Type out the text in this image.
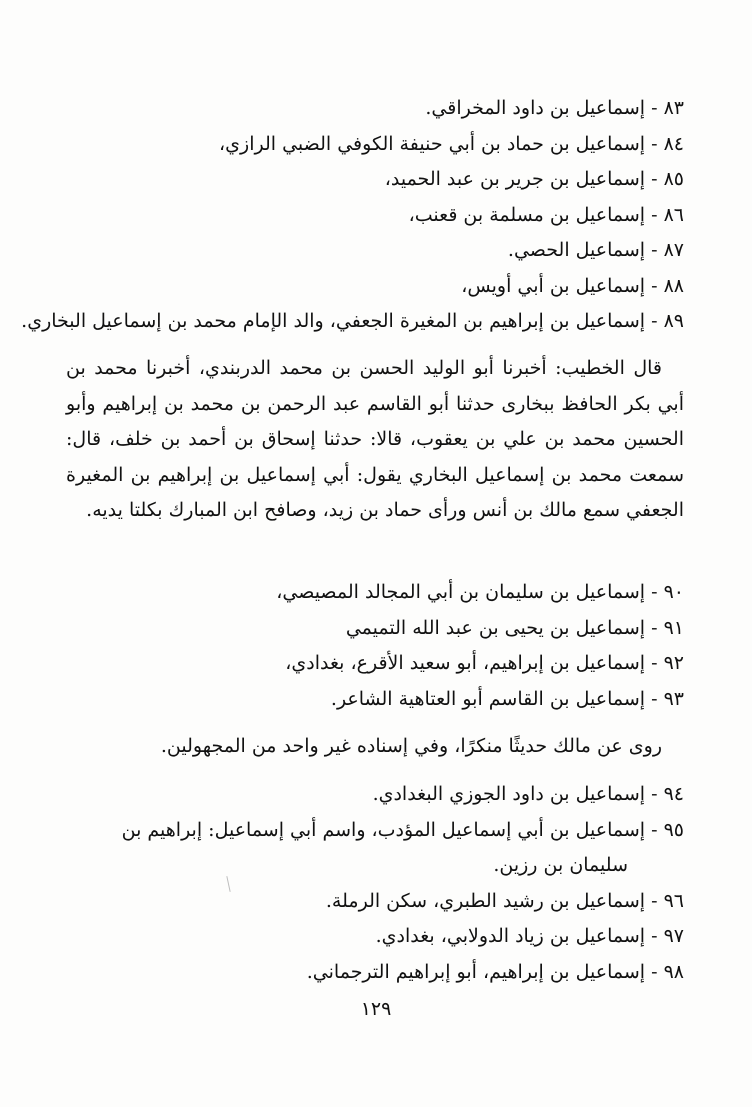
٨٣ - إسماعيل بن داود المخراقي.
٨٤ - إسماعيل بن حماد بن أبي حنيفة الكوفي الضبي الرازي،
٨٥ - إسماعيل بن جرير بن عبد الحميد،
٨٦ - إسماعيل بن مسلمة بن قعنب،
٨٧ - إسماعيل الحصي.
٨٨ - إسماعيل بن أبي أويس،
٨٩ - إسماعيل بن إبراهيم بن المغيرة الجعفي، والد الإمام محمد بن إسماعيل البخاري.
قال الخطيب: أخبرنا أبو الوليد الحسن بن محمد الدربندي، أخبرنا محمد بن أبي بكر الحافظ ببخارى حدثنا أبو القاسم عبد الرحمن بن محمد بن إبراهيم وأبو الحسين محمد بن علي بن يعقوب، قالا: حدثنا إسحاق بن أحمد بن خلف، قال: سمعت محمد بن إسماعيل البخاري يقول: أبي إسماعيل بن إبراهيم بن المغيرة الجعفي سمع مالك بن أنس ورأى حماد بن زيد، وصافح ابن المبارك بكلتا يديه.
٩٠ - إسماعيل بن سليمان بن أبي المجالد المصيصي،
٩١ - إسماعيل بن يحيى بن عبد الله التميمي
٩٢ - إسماعيل بن إبراهيم، أبو سعيد الأقرع، بغدادي،
٩٣ - إسماعيل بن القاسم أبو العتاهية الشاعر.
روى عن مالك حديثًا منكرًا، وفي إسناده غير واحد من المجهولين.
٩٤ - إسماعيل بن داود الجوزي البغدادي.
٩٥ - إسماعيل بن أبي إسماعيل المؤدب، واسم أبي إسماعيل: إبراهيم بن
سليمان بن رزين.
٩٦ - إسماعيل بن رشيد الطبري، سكن الرملة.
٩٧ - إسماعيل بن زياد الدولابي، بغدادي.
٩٨ - إسماعيل بن إبراهيم، أبو إبراهيم الترجماني.
١٢٩
